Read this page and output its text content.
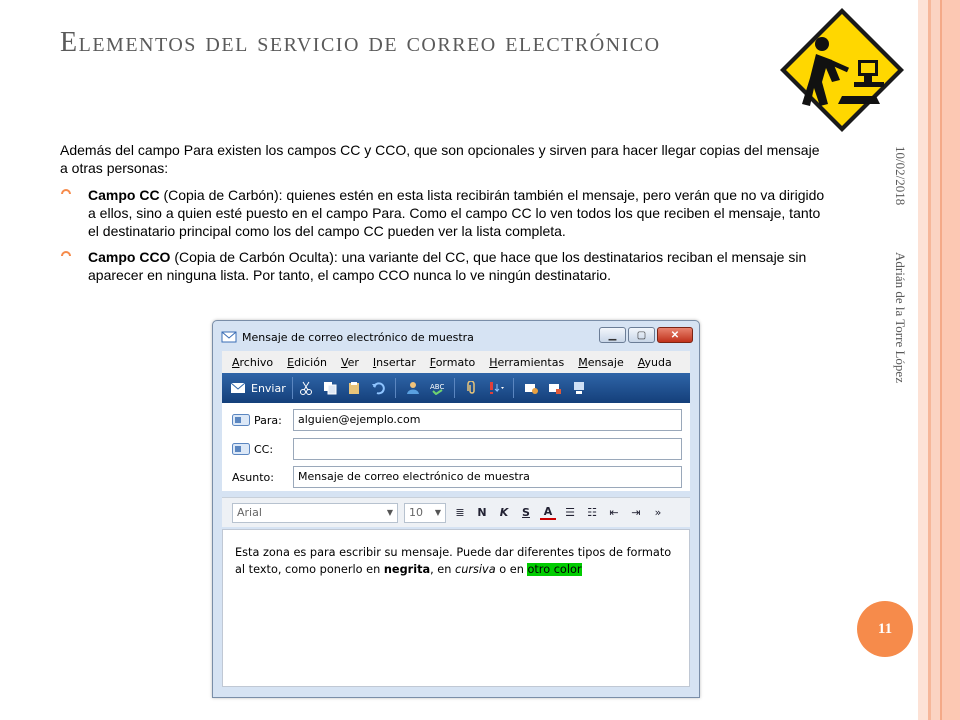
Elementos del servicio de correo electrónico

Además del campo Para existen los campos CC y CCO, que son opcionales y sirven para hacer llegar copias del mensaje a otras personas:

Campo CC (Copia de Carbón): quienes estén en esta lista recibirán también el mensaje, pero verán que no va dirigido a ellos, sino a quien esté puesto en el campo Para. Como el campo CC lo ven todos los que reciben el mensaje, tanto el destinatario principal como los del campo CC pueden ver la lista completa.
Campo CCO (Copia de Carbón Oculta): una variante del CC, que hace que los destinatarios reciban el mensaje sin aparecer en ninguna lista. Por tanto, el campo CCO nunca lo ve ningún destinatario.
10/02/2018
Adrián de la Torre López
11
Mensaje de correo electrónico de muestra	▁	▢	✕
Archivo Edición Ver Insertar Formato Herramientas Mensaje Ayuda
Enviar	ABC
Para:	alguien@ejemplo.com
CC:
Asunto:	Mensaje de correo electrónico de muestra
Arial	▼ 10 ▼	≣	N	K	S	A	☰ ☷	⇤	⇥	»
Esta zona es para escribir su mensaje. Puede dar diferentes tipos de formato al texto, como ponerlo en negrita, en cursiva o en otro color
